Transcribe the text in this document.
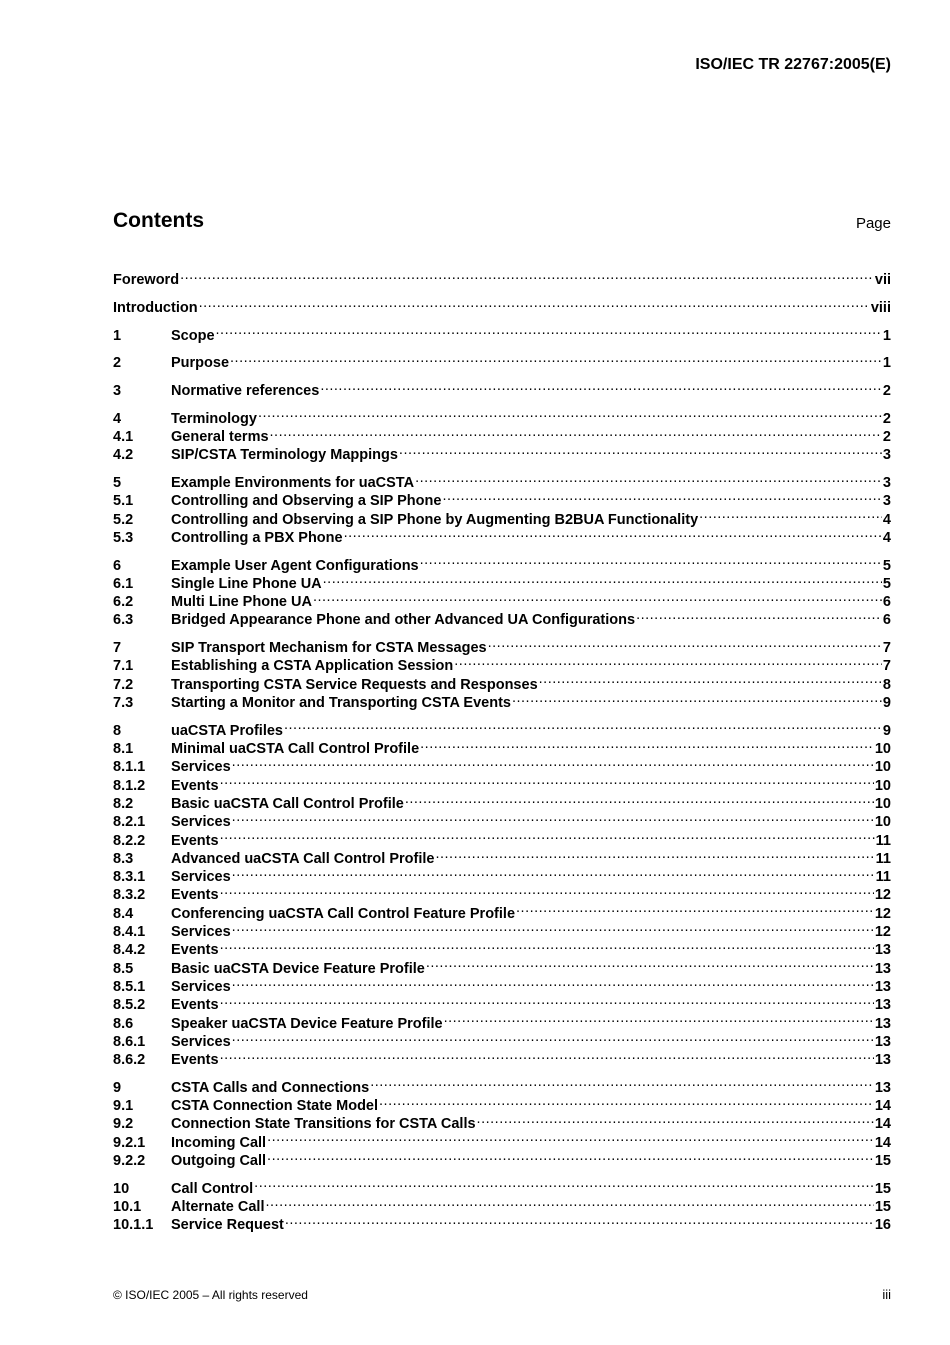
ISO/IEC TR 22767:2005(E)
Contents	Page
Foreword .....	vii
Introduction .....	viii
1	Scope .....	1
2	Purpose .....	1
3	Normative references .....	2
4	Terminology .....	2
4.1	General terms .....	2
4.2	SIP/CSTA Terminology Mappings .....	3
5	Example Environments for uaCSTA .....	3
5.1	Controlling and Observing a SIP Phone .....	3
5.2	Controlling and Observing a SIP Phone by Augmenting B2BUA Functionality .....	4
5.3	Controlling a PBX Phone .....	4
6	Example User Agent Configurations .....	5
6.1	Single Line Phone UA .....	5
6.2	Multi Line Phone UA .....	6
6.3	Bridged Appearance Phone and other Advanced UA Configurations .....	6
7	SIP Transport Mechanism for CSTA Messages .....	7
7.1	Establishing a CSTA Application Session .....	7
7.2	Transporting CSTA Service Requests and Responses .....	8
7.3	Starting a Monitor and Transporting CSTA Events .....	9
8	uaCSTA Profiles .....	9
8.1	Minimal uaCSTA Call Control Profile .....	10
8.1.1	Services .....	10
8.1.2	Events .....	10
8.2	Basic uaCSTA Call Control Profile .....	10
8.2.1	Services .....	10
8.2.2	Events .....	11
8.3	Advanced uaCSTA Call Control Profile .....	11
8.3.1	Services .....	11
8.3.2	Events .....	12
8.4	Conferencing uaCSTA Call Control Feature Profile .....	12
8.4.1	Services .....	12
8.4.2	Events .....	13
8.5	Basic uaCSTA Device Feature Profile .....	13
8.5.1	Services .....	13
8.5.2	Events .....	13
8.6	Speaker uaCSTA Device Feature Profile .....	13
8.6.1	Services .....	13
8.6.2	Events .....	13
9	CSTA Calls and Connections .....	13
9.1	CSTA Connection State Model .....	14
9.2	Connection State Transitions for CSTA Calls .....	14
9.2.1	Incoming Call .....	14
9.2.2	Outgoing Call .....	15
10	Call Control .....	15
10.1	Alternate Call .....	15
10.1.1	Service Request .....	16
© ISO/IEC 2005 – All rights reserved	iii
